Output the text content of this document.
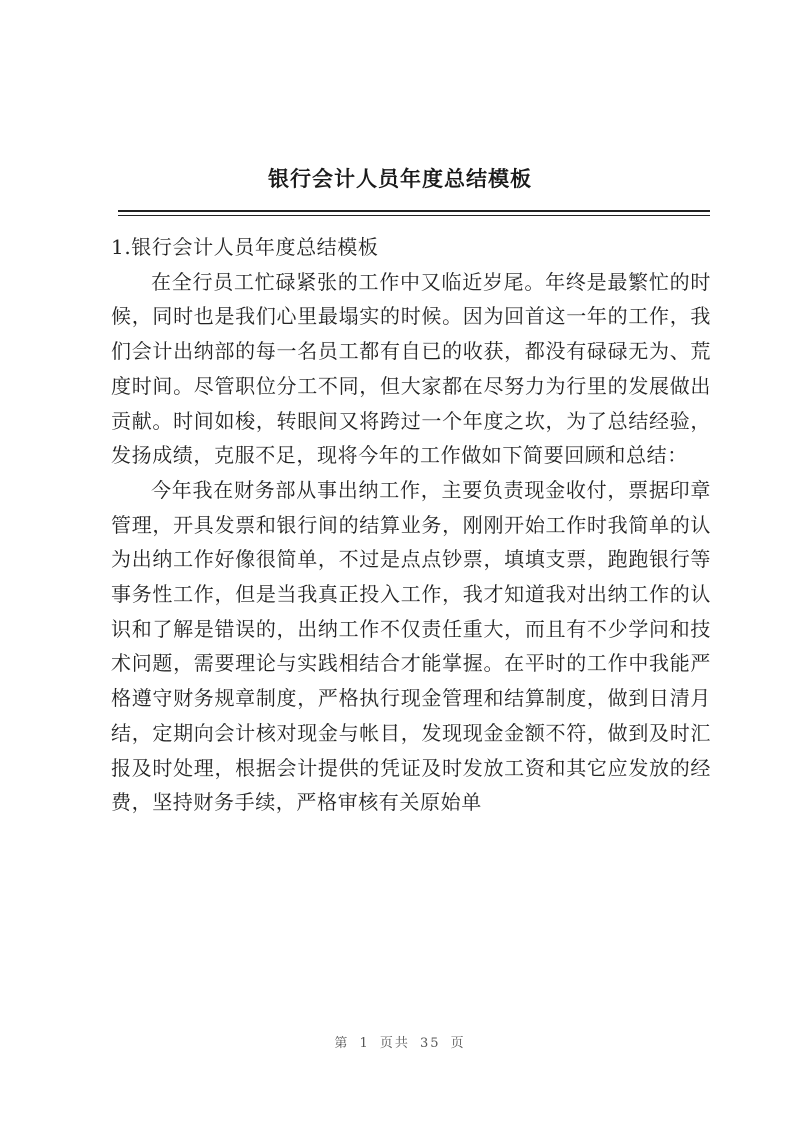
银行会计人员年度总结模板

1.银行会计人员年度总结模板

在全行员工忙碌紧张的工作中又临近岁尾。年终是最繁忙的时候，同时也是我们心里最塌实的时候。因为回首这一年的工作，我们会计出纳部的每一名员工都有自已的收获，都没有碌碌无为、荒度时间。尽管职位分工不同，但大家都在尽努力为行里的发展做出贡献。时间如梭，转眼间又将跨过一个年度之坎，为了总结经验，发扬成绩，克服不足，现将今年的工作做如下简要回顾和总结：

今年我在财务部从事出纳工作，主要负责现金收付，票据印章管理，开具发票和银行间的结算业务，刚刚开始工作时我简单的认为出纳工作好像很简单，不过是点点钞票，填填支票，跑跑银行等事务性工作，但是当我真正投入工作，我才知道我对出纳工作的认识和了解是错误的，出纳工作不仅责任重大，而且有不少学问和技术问题，需要理论与实践相结合才能掌握。在平时的工作中我能严格遵守财务规章制度，严格执行现金管理和结算制度，做到日清月结，定期向会计核对现金与帐目，发现现金金额不符，做到及时汇报及时处理，根据会计提供的凭证及时发放工资和其它应发放的经费，坚持财务手续，严格审核有关原始单

第 1 页共 35 页
